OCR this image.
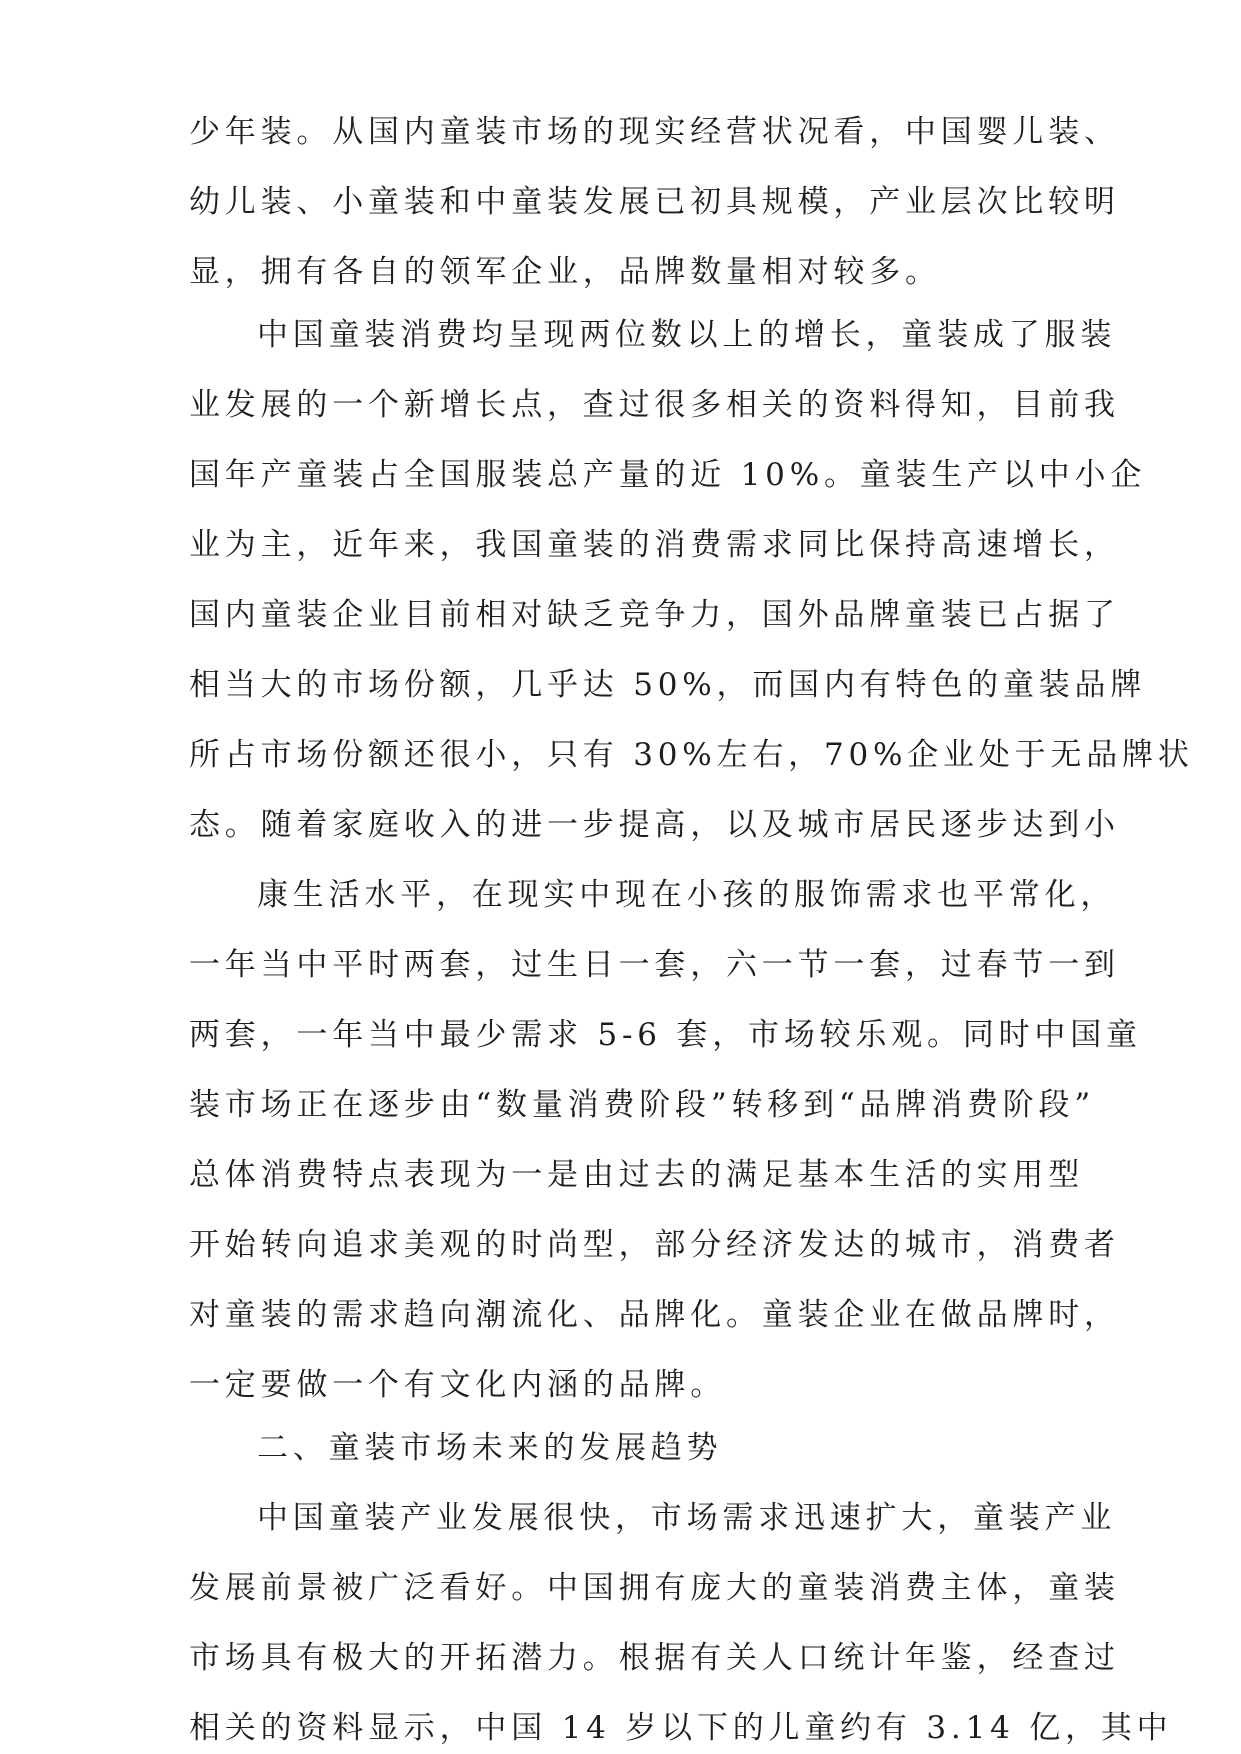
少年装。从国内童装市场的现实经营状况看，中国婴儿装、
幼儿装、小童装和中童装发展已初具规模，产业层次比较明
显，拥有各自的领军企业，品牌数量相对较多。
中国童装消费均呈现两位数以上的增长，童装成了服装
业发展的一个新增长点，查过很多相关的资料得知，目前我
国年产童装占全国服装总产量的近 10%。童装生产以中小企
业为主，近年来，我国童装的消费需求同比保持高速增长，
国内童装企业目前相对缺乏竞争力，国外品牌童装已占据了
相当大的市场份额，几乎达 50%，而国内有特色的童装品牌
所占市场份额还很小，只有 30%左右，70%企业处于无品牌状
态。随着家庭收入的进一步提高，以及城市居民逐步达到小
康生活水平，在现实中现在小孩的服饰需求也平常化，
一年当中平时两套，过生日一套，六一节一套，过春节一到
两套，一年当中最少需求 5-6 套，市场较乐观。同时中国童
装市场正在逐步由“数量消费阶段”转移到“品牌消费阶段”
总体消费特点表现为一是由过去的满足基本生活的实用型
开始转向追求美观的时尚型，部分经济发达的城市，消费者
对童装的需求趋向潮流化、品牌化。童装企业在做品牌时，
一定要做一个有文化内涵的品牌。
二、童装市场未来的发展趋势
中国童装产业发展很快，市场需求迅速扩大，童装产业
发展前景被广泛看好。中国拥有庞大的童装消费主体，童装
市场具有极大的开拓潜力。根据有关人口统计年鉴，经查过
相关的资料显示，中国 14 岁以下的儿童约有 3.14 亿，其中
